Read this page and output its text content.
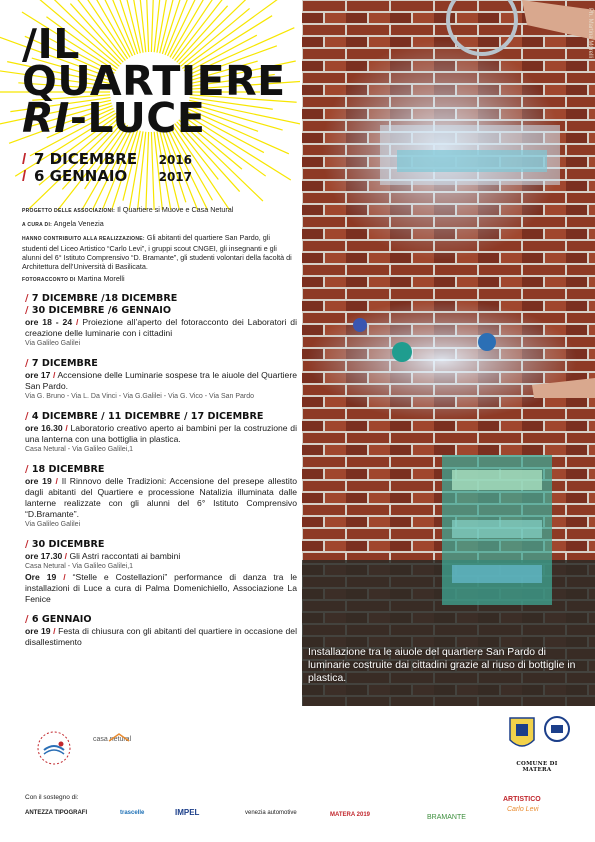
/IL
QUARTIERE
RI-LUCE
/ 7 DICEMBRE	2016
/ 6 GENNAIO	2017

PROGETTO DELLE ASSOCIAZIONI: Il Quartiere si Muove e Casa Netural

A CURA DI: Angela Venezia

HANNO CONTRIBUITO ALLA REALIZZAZIONE: Gli abitanti del quartiere San Pardo, gli studenti del Liceo Artistico “Carlo Levi”, i gruppi scout CNGEI, gli insegnanti e gli alunni del 6° Istituto Comprensivo “D. Bramante”, gli studenti volontari della facoltà di Architettura dell’Università di Basilicata.

FOTORACCONTO DI Martina Morelli

/ 7 DICEMBRE /18 DICEMBRE
/ 30 DICEMBRE /6 GENNAIO
ore 18 - 24 / Proiezione all’aperto del fotoracconto dei Laboratori di creazione delle luminarie con i cittadini
Via Galileo Galilei
/ 7 DICEMBRE
ore 17 / Accensione delle Luminarie sospese tra le aiuole del Quartiere San Pardo.
Via G. Bruno - Via L. Da Vinci - Via G.Galilei - Via G. Vico - Via San Pardo
/ 4 DICEMBRE / 11 DICEMBRE / 17 DICEMBRE
ore 16.30 / Laboratorio creativo aperto ai bambini per la costruzione di una lanterna con una bottiglia in plastica.
Casa Netural - Via Galileo Galilei,1
/ 18 DICEMBRE
ore 19 / Il Rinnovo delle Tradizioni: Accensione del presepe allestito dagli abitanti del Quartiere e processione Natalizia illuminata dalle lanterne realizzate con gli alunni del 6° Istituto Comprensivo “D.Bramante”.
Via Galileo Galilei
/ 30 DICEMBRE
ore 17.30 / Gli Astri raccontati ai bambini
Casa Netural - Via Galileo Galilei,1
Ore 19 / “Stelle e Costellazioni” performance di danza tra le installazioni di Luce a cura di Palma Domenichiello, Associazione La Fenice
/ 6 GENNAIO
ore 19 / Festa di chiusura con gli abitanti del quartiere in occasione del disallestimento
Ph. Martina Morelli
Installazione tra le aiuole del quartiere San Pardo di luminarie costruite dai cittadini grazie al riuso di bottiglie in plastica.
casa netural
COMUNE DI MATERA
Con il sostegno di:
ANTEZZA TIPOGRAFI	trascelle	IMPEL	venezia automotive	MATERA 2019	BRAMANTE
ARTISTICO
Carlo Levi
